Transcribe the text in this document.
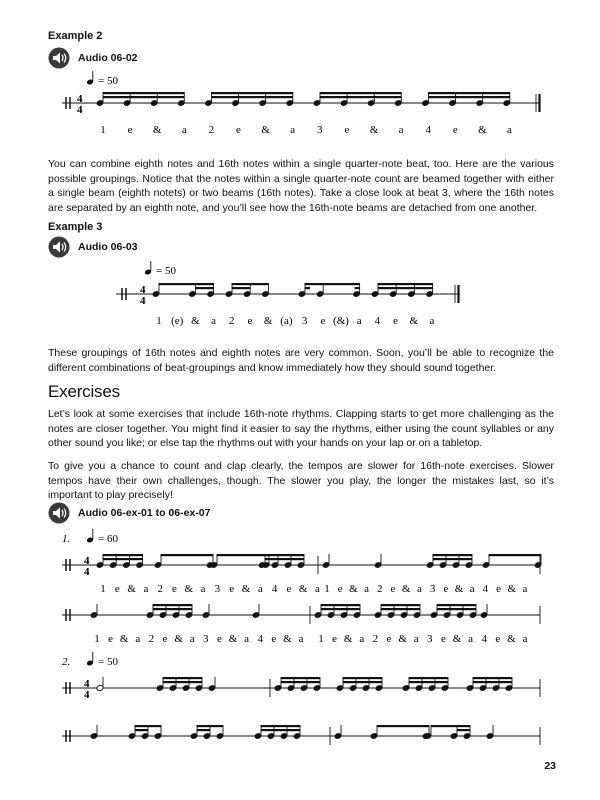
Example 2
Audio 06-02
= 50
4
4
1 e & a 2 e & a 3 e & a 4 e & a

You can combine eighth notes and 16th notes within a single quarter-note beat, too. Here are the various possible groupings. Notice that the notes within a single quarter-note count are beamed together with either a single beam (eighth notets) or two beams (16th notes). Take a close look at beat 3, where the 16th notes are separated by an eighth note, and you’ll see how the 16th-note beams are detached from one another.

Example 3
Audio 06-03
= 50
4
4
1 (e) & a 2 e & (a) 3 e (&) a 4 e & a

These groupings of 16th notes and eighth notes are very common. Soon, you’ll be able to recognize the different combinations of beat-groupings and know immediately how they should sound together.

Exercises

Let’s look at some exercises that include 16th-note rhythms. Clapping starts to get more challenging as the notes are closer together. You might find it easier to say the rhythms, either using the count syllables or any other sound you like; or else tap the rhythms out with your hands on your lap or on a tabletop.

To give you a chance to count and clap clearly, the tempos are slower for 16th-note exercises. Slower tempos have their own challenges, though. The slower you play, the longer the mistakes last, so it’s important to play precisely!

Audio 06-ex-01 to 06-ex-07
1.	= 60
2.	= 50
1 e & a 2 e & a 3 e & a 4 e & a 1 e & a 2 e & a 3 e & a 4 e & a
1 e & a 2 e & a 3 e & a 4 e & a 1 e & a 2 e & a 3 e & a 4 e & a
4
4
4
4
23
